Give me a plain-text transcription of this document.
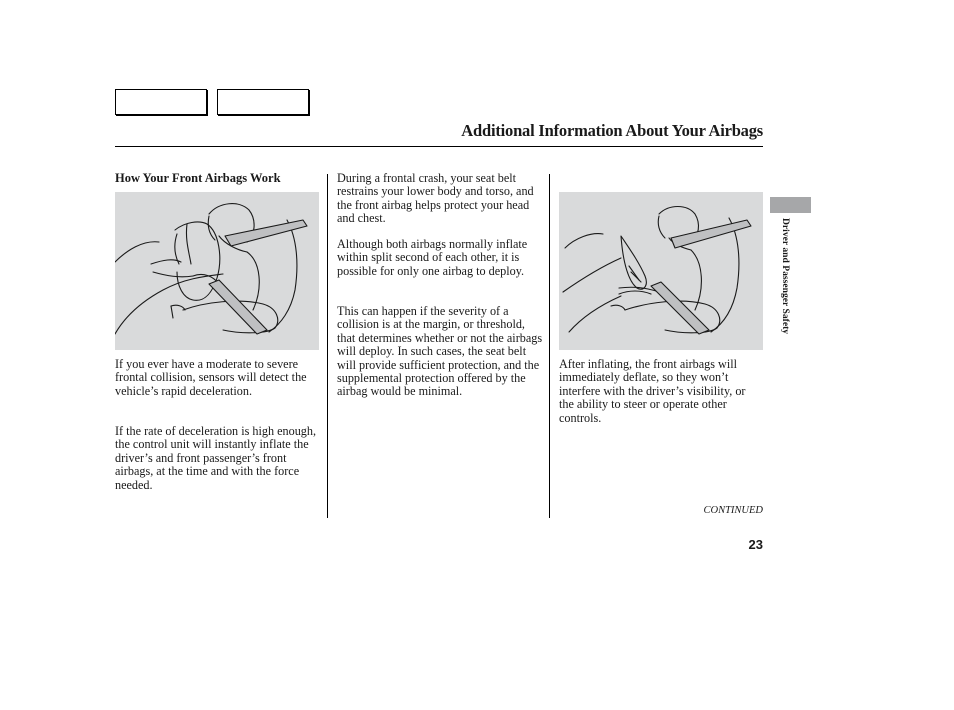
Additional Information About Your Airbags
How Your Front Airbags Work

If you ever have a moderate to severe frontal collision, sensors will detect the vehicle’s rapid deceleration.

If the rate of deceleration is high enough, the control unit will instantly inflate the driver’s and front passenger’s front airbags, at the time and with the force needed.

During a frontal crash, your seat belt restrains your lower body and torso, and the front airbag helps protect your head and chest.

Although both airbags normally inflate within split second of each other, it is possible for only one airbag to deploy.

This can happen if the severity of a collision is at the margin, or threshold, that determines whether or not the airbags will deploy. In such cases, the seat belt will provide sufficient protection, and the supplemental protection offered by the airbag would be minimal.

After inflating, the front airbags will immediately deflate, so they won’t interfere with the driver’s visibility, or the ability to steer or operate other controls.

CONTINUED
23
Driver and Passenger Safety
